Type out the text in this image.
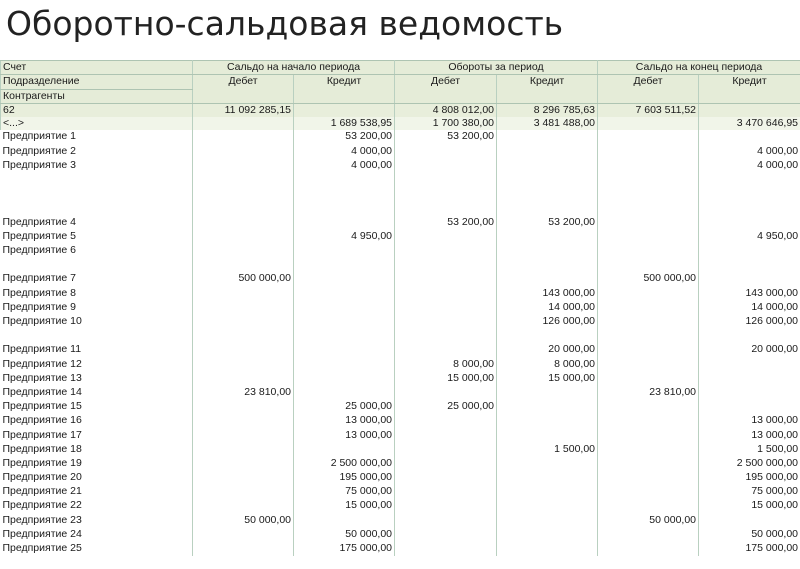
Оборотно-сальдовая ведомость
Счет	Сальдо на начало периода		Обороты за период		Сальдо на конец периода	
Подразделение	Дебет	Кредит	Дебет	Кредит	Дебет	Кредит
Контрагенты						
62	11 092 285,15		4 808 012,00	8 296 785,63	7 603 511,52	
<...>		1 689 538,95	1 700 380,00	3 481 488,00		3 470 646,95
Предприятие 1		53 200,00	53 200,00			
Предприятие 2		4 000,00				4 000,00
Предприятие 3		4 000,00				4 000,00
Предприятие 4			53 200,00	53 200,00		
Предприятие 5		4 950,00				4 950,00
Предприятие 6						
Предприятие 7	500 000,00				500 000,00	
Предприятие 8				143 000,00		143 000,00
Предприятие 9				14 000,00		14 000,00
Предприятие 10				126 000,00		126 000,00
Предприятие 11				20 000,00		20 000,00
Предприятие 12			8 000,00	8 000,00		
Предприятие 13			15 000,00	15 000,00		
Предприятие 14	23 810,00				23 810,00	
Предприятие 15		25 000,00	25 000,00			
Предприятие 16		13 000,00				13 000,00
Предприятие 17		13 000,00				13 000,00
Предприятие 18				1 500,00		1 500,00
Предприятие 19		2 500 000,00				2 500 000,00
Предприятие 20		195 000,00				195 000,00
Предприятие 21		75 000,00				75 000,00
Предприятие 22		15 000,00				15 000,00
Предприятие 23	50 000,00				50 000,00	
Предприятие 24		50 000,00				50 000,00
Предприятие 25		175 000,00				175 000,00
